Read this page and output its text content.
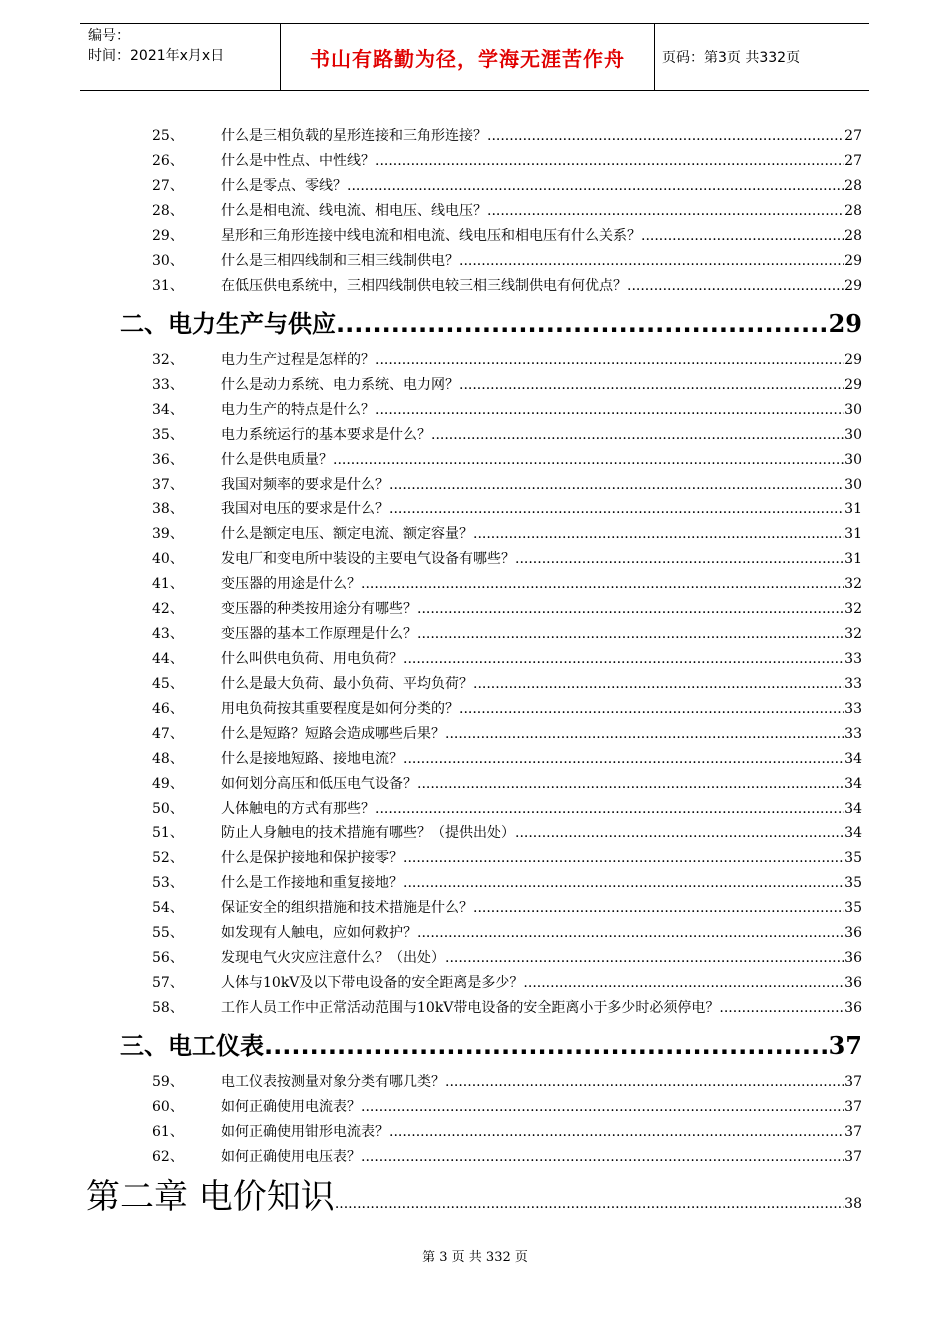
编号：
时间：2021年x月x日	书山有路勤为径，学海无涯苦作舟	页码：第3页 共332页
25、	什么是三相负载的星形连接和三角形连接？ .....	27
26、	什么是中性点、中性线？ .....	27
27、	什么是零点、零线？ .....	28
28、	什么是相电流、线电流、相电压、线电压？ .....	28
29、	星形和三角形连接中线电流和相电流、线电压和相电压有什么关系？ .....	28
30、	什么是三相四线制和三相三线制供电？ .....	29
31、	在低压供电系统中，三相四线制供电较三相三线制供电有何优点？ .....	29
二、电力生产与供应 .....	29
32、	电力生产过程是怎样的？ .....	29
33、	什么是动力系统、电力系统、电力网？ .....	29
34、	电力生产的特点是什么？ .....	30
35、	电力系统运行的基本要求是什么？ .....	30
36、	什么是供电质量？ .....	30
37、	我国对频率的要求是什么？ .....	30
38、	我国对电压的要求是什么？ .....	31
39、	什么是额定电压、额定电流、额定容量？ .....	31
40、	发电厂和变电所中装设的主要电气设备有哪些？ .....	31
41、	变压器的用途是什么？ .....	32
42、	变压器的种类按用途分有哪些？ .....	32
43、	变压器的基本工作原理是什么？ .....	32
44、	什么叫供电负荷、用电负荷？ .....	33
45、	什么是最大负荷、最小负荷、平均负荷？ .....	33
46、	用电负荷按其重要程度是如何分类的？ .....	33
47、	什么是短路？短路会造成哪些后果？ .....	33
48、	什么是接地短路、接地电流？ .....	34
49、	如何划分高压和低压电气设备？ .....	34
50、	人体触电的方式有那些？ .....	34
51、	防止人身触电的技术措施有哪些？（提供出处） .....	34
52、	什么是保护接地和保护接零？ .....	35
53、	什么是工作接地和重复接地？ .....	35
54、	保证安全的组织措施和技术措施是什么？ .....	35
55、	如发现有人触电，应如何救护？ .....	36
56、	发现电气火灾应注意什么？（出处） .....	36
57、	人体与10kV及以下带电设备的安全距离是多少？ .....	36
58、	工作人员工作中正常活动范围与10kV带电设备的安全距离小于多少时必须停电？ .....	36
三、电工仪表 .....	37
59、	电工仪表按测量对象分类有哪几类？ .....	37
60、	如何正确使用电流表？ .....	37
61、	如何正确使用钳形电流表？ .....	37
62、	如何正确使用电压表？ .....	37
第二章 电价知识 .....	38
第 3 页 共 332 页
